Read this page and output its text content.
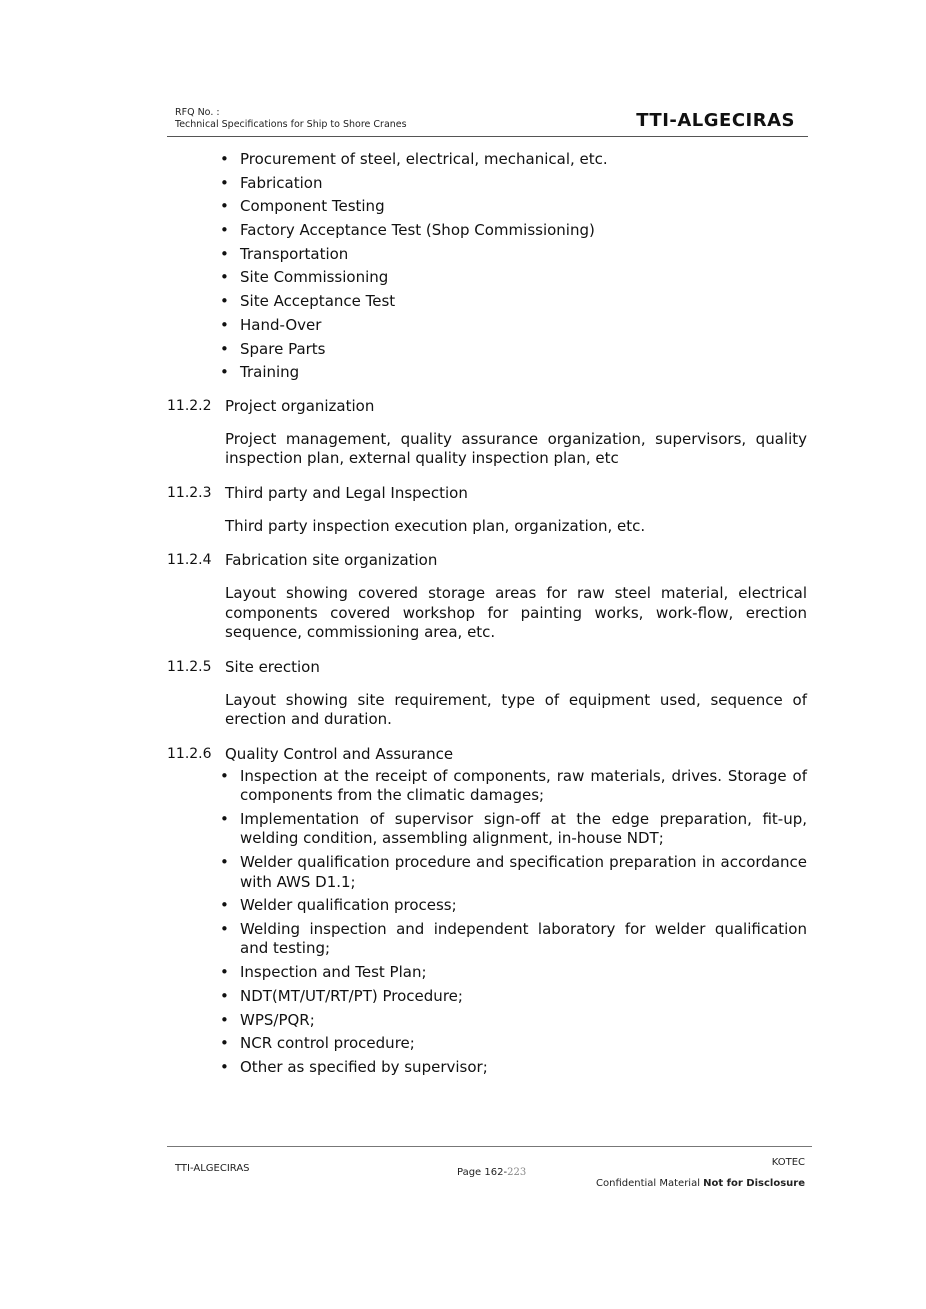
RFQ No. :
Technical Specifications for Ship to Shore Cranes	TTI-ALGECIRAS
• Procurement of steel, electrical, mechanical, etc.
• Fabrication
• Component Testing
• Factory Acceptance Test (Shop Commissioning)
• Transportation
• Site Commissioning
• Site Acceptance Test
• Hand-Over
• Spare Parts
• Training
11.2.2 Project organization
Project management, quality assurance organization, supervisors, quality inspection plan, external quality inspection plan, etc
11.2.3 Third party and Legal Inspection
Third party inspection execution plan, organization, etc.
11.2.4 Fabrication site organization
Layout showing covered storage areas for raw steel material, electrical components covered workshop for painting works, work-flow, erection sequence, commissioning area, etc.
11.2.5 Site erection
Layout showing site requirement, type of equipment used, sequence of erection and duration.
11.2.6 Quality Control and Assurance
• Inspection at the receipt of components, raw materials, drives. Storage of components from the climatic damages;
• Implementation of supervisor sign-off at the edge preparation, fit-up, welding condition, assembling alignment, in-house NDT;
• Welder qualification procedure and specification preparation in accordance with AWS D1.1;
• Welder qualification process;
• Welding inspection and independent laboratory for welder qualification and testing;
• Inspection and Test Plan;
• NDT(MT/UT/RT/PT) Procedure;
• WPS/PQR;
• NCR control procedure;
• Other as specified by supervisor;
TTI-ALGECIRAS	Page 162-223
KOTEC
Confidential Material Not for Disclosure
